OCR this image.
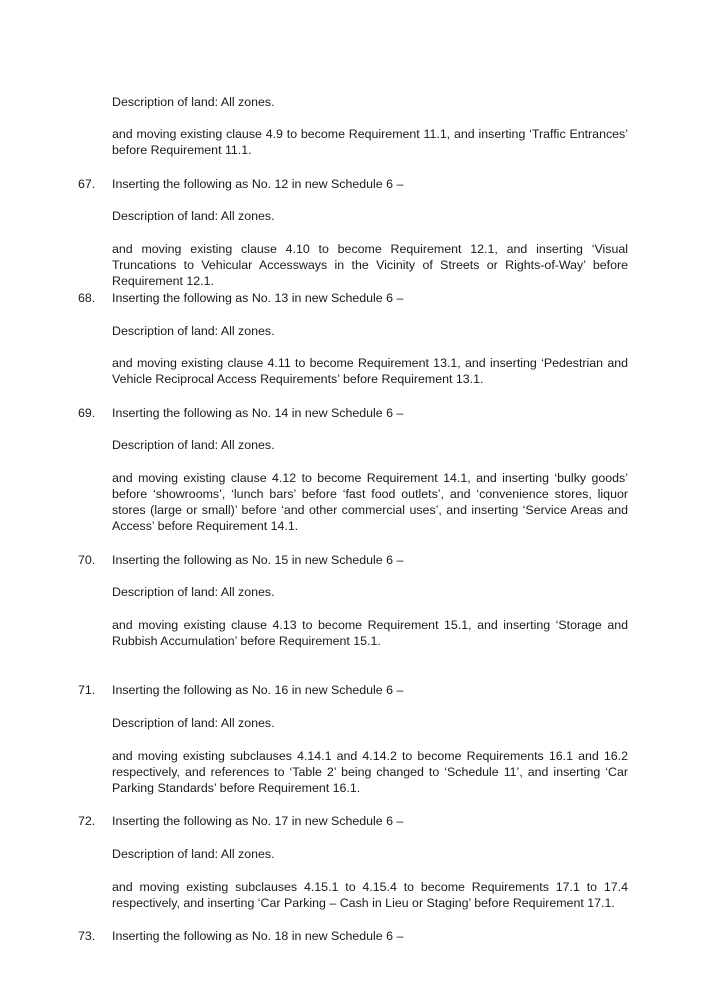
Description of land: All zones.

and moving existing clause 4.9 to become Requirement 11.1, and inserting ‘Traffic Entrances’ before Requirement 11.1.

67. Inserting the following as No. 12 in new Schedule 6 –

Description of land: All zones.

and moving existing clause 4.10 to become Requirement 12.1, and inserting ‘Visual Truncations to Vehicular Accessways in the Vicinity of Streets or Rights-of-Way’ before Requirement 12.1.

68. Inserting the following as No. 13 in new Schedule 6 –

Description of land: All zones.

and moving existing clause 4.11 to become Requirement 13.1, and inserting ‘Pedestrian and Vehicle Reciprocal Access Requirements’ before Requirement 13.1.

69. Inserting the following as No. 14 in new Schedule 6 –

Description of land: All zones.

and moving existing clause 4.12 to become Requirement 14.1, and inserting ‘bulky goods’ before ‘showrooms’, ‘lunch bars’ before ‘fast food outlets’, and ‘convenience stores, liquor stores (large or small)’ before ‘and other commercial uses’, and inserting ‘Service Areas and Access’ before Requirement 14.1.

70. Inserting the following as No. 15 in new Schedule 6 –

Description of land: All zones.

and moving existing clause 4.13 to become Requirement 15.1, and inserting ‘Storage and Rubbish Accumulation’ before Requirement 15.1.

71. Inserting the following as No. 16 in new Schedule 6 –

Description of land: All zones.

and moving existing subclauses 4.14.1 and 4.14.2 to become Requirements 16.1 and 16.2 respectively, and references to ‘Table 2’ being changed to ‘Schedule 11’, and inserting ‘Car Parking Standards’ before Requirement 16.1.

72. Inserting the following as No. 17 in new Schedule 6 –

Description of land: All zones.

and moving existing subclauses 4.15.1 to 4.15.4 to become Requirements 17.1 to 17.4 respectively, and inserting ‘Car Parking – Cash in Lieu or Staging’ before Requirement 17.1.

73. Inserting the following as No. 18 in new Schedule 6 –
